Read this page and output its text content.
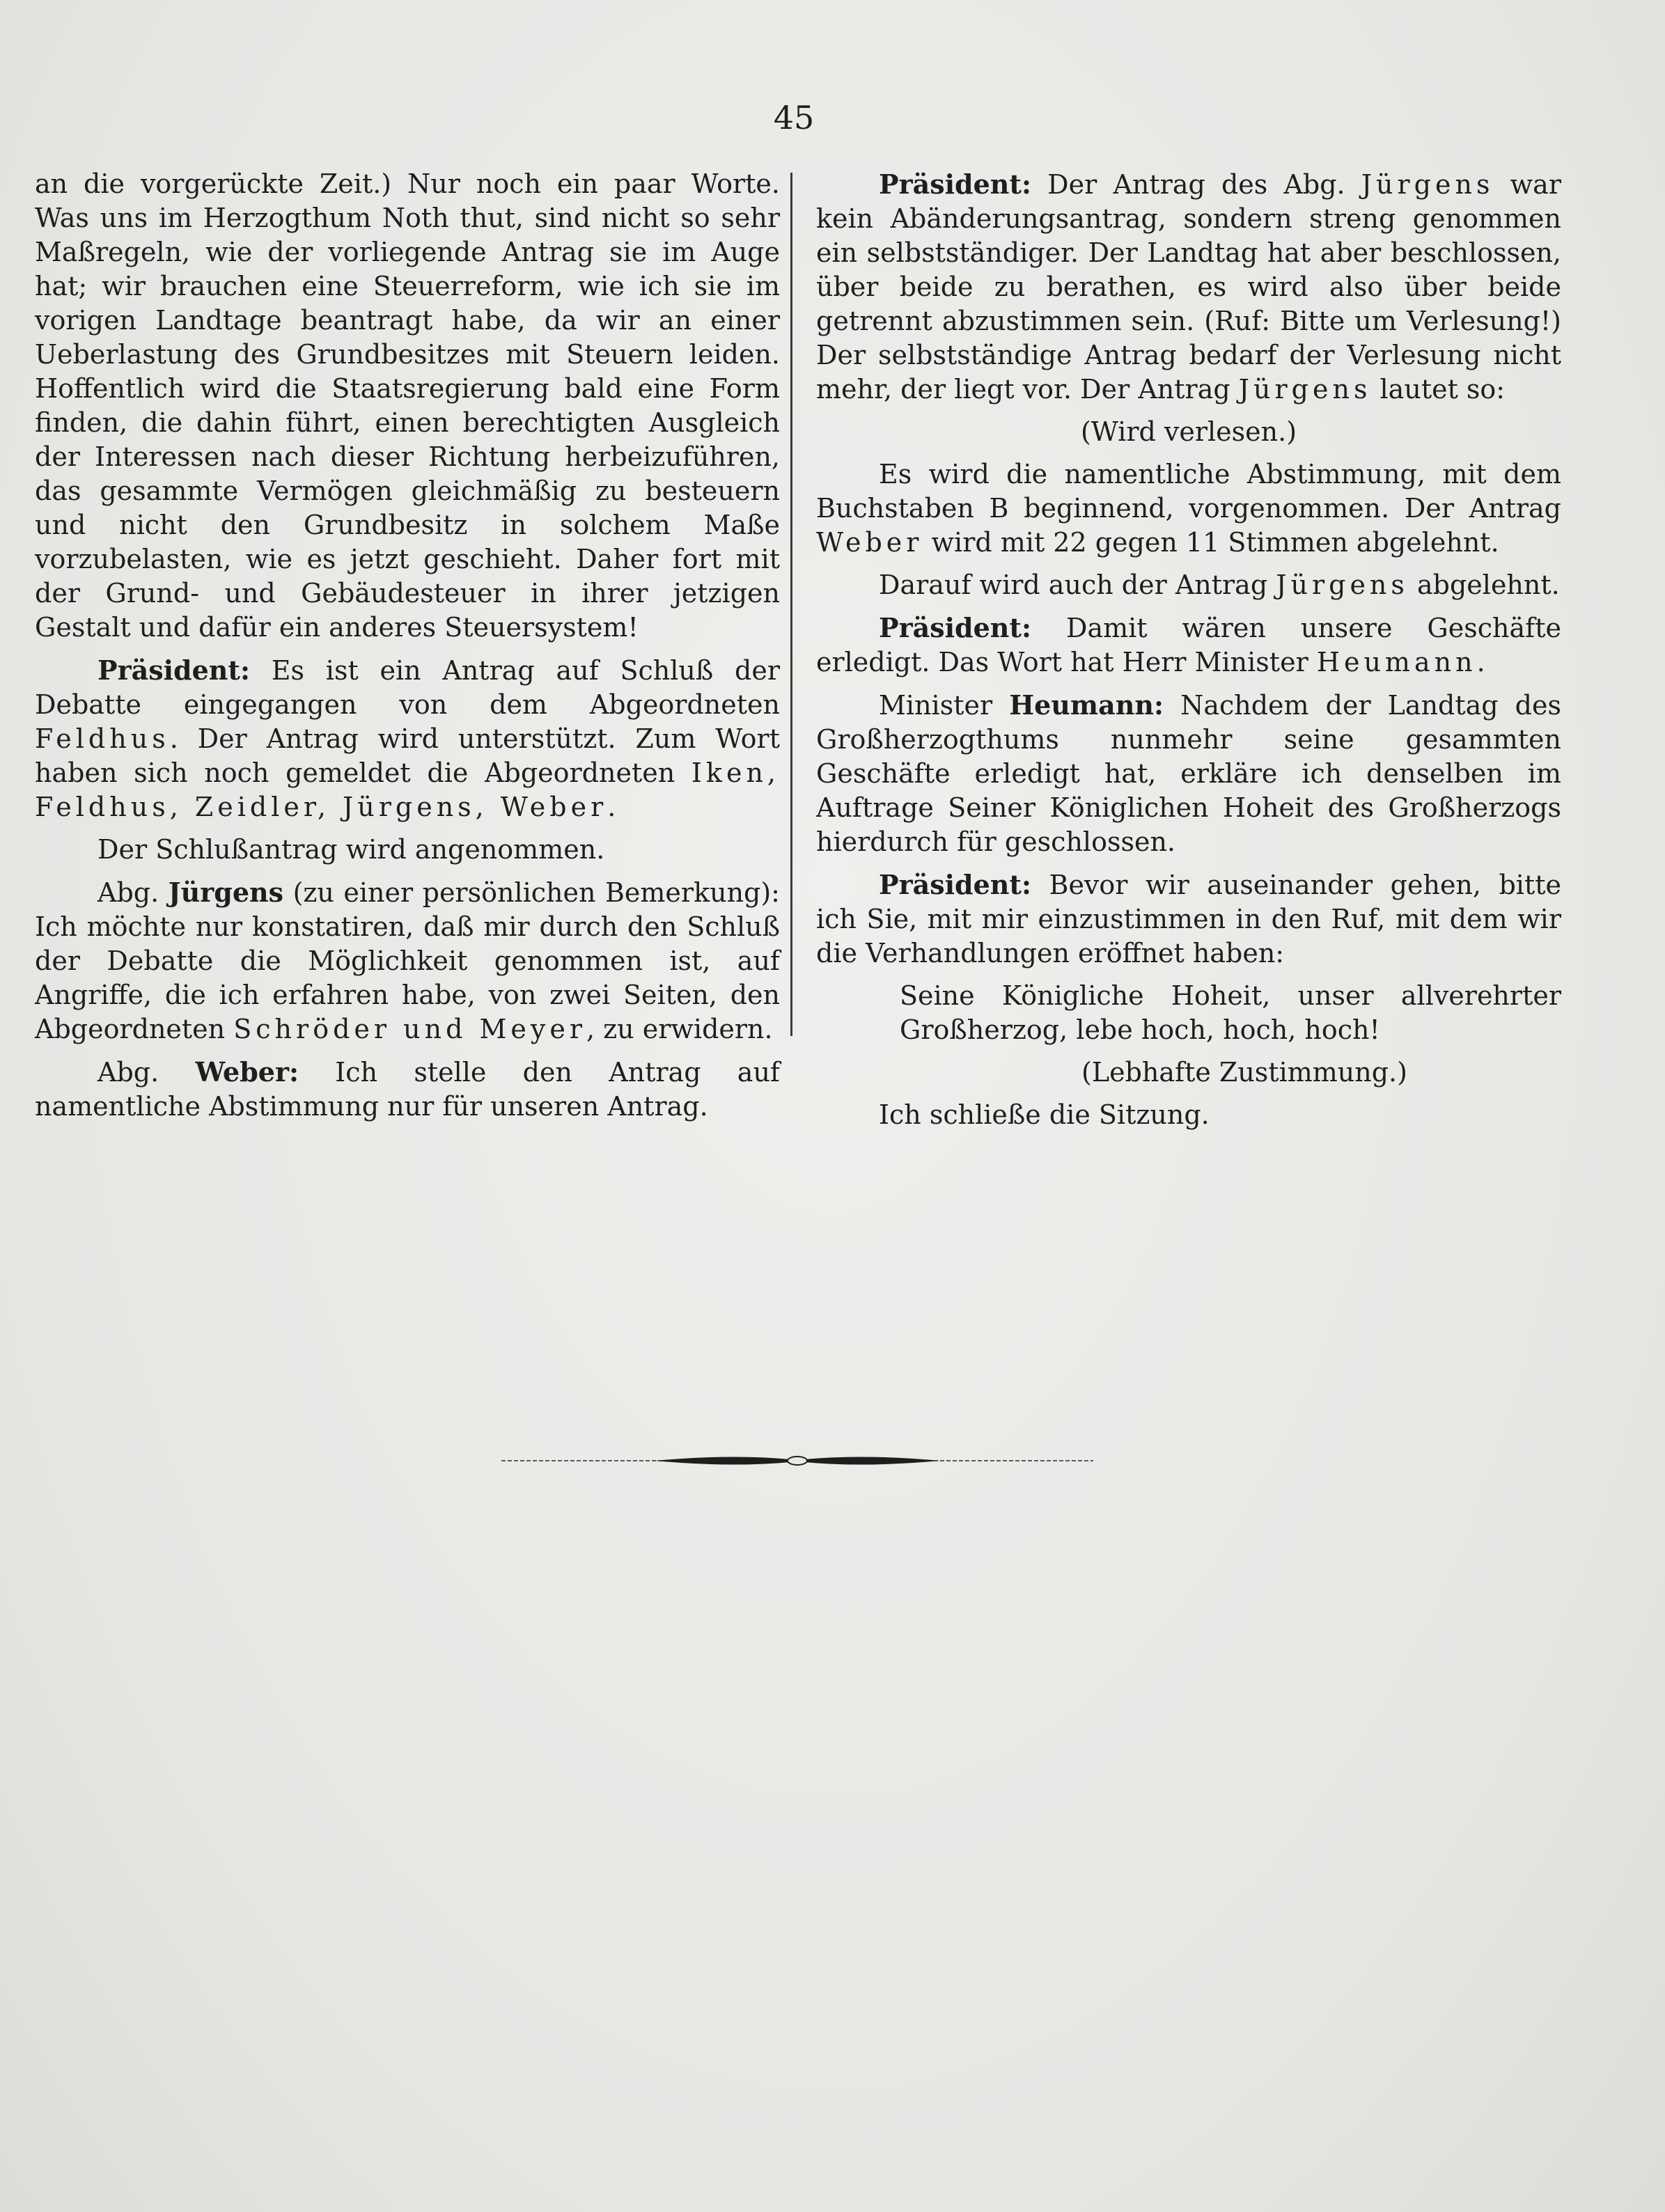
45

an die vorgerückte Zeit.) Nur noch ein paar Worte. Was uns im Herzogthum Noth thut, sind nicht so sehr Maßregeln, wie der vorliegende Antrag sie im Auge hat; wir brauchen eine Steuerreform, wie ich sie im vorigen Landtage beantragt habe, da wir an einer Ueberlastung des Grundbesitzes mit Steuern leiden. Hoffentlich wird die Staatsregierung bald eine Form finden, die dahin führt, einen berechtigten Ausgleich der Interessen nach dieser Richtung herbeizuführen, das gesammte Vermögen gleichmäßig zu besteuern und nicht den Grundbesitz in solchem Maße vorzubelasten, wie es jetzt geschieht. Daher fort mit der Grund- und Gebäudesteuer in ihrer jetzigen Gestalt und dafür ein anderes Steuersystem!

Präsident: Es ist ein Antrag auf Schluß der Debatte eingegangen von dem Abgeordneten Feldhus. Der Antrag wird unterstützt. Zum Wort haben sich noch gemeldet die Abgeordneten Iken, Feldhus, Zeidler, Jürgens, Weber.

Der Schlußantrag wird angenommen.

Abg. Jürgens (zu einer persönlichen Bemerkung): Ich möchte nur konstatiren, daß mir durch den Schluß der Debatte die Möglichkeit genommen ist, auf Angriffe, die ich erfahren habe, von zwei Seiten, den Abgeordneten Schröder und Meyer, zu erwidern.

Abg. Weber: Ich stelle den Antrag auf namentliche Abstimmung nur für unseren Antrag.

Präsident: Der Antrag des Abg. Jürgens war kein Abänderungsantrag, sondern streng genommen ein selbstständiger. Der Landtag hat aber beschlossen, über beide zu berathen, es wird also über beide getrennt abzustimmen sein. (Ruf: Bitte um Verlesung!) Der selbstständige Antrag bedarf der Verlesung nicht mehr, der liegt vor. Der Antrag Jürgens lautet so:

(Wird verlesen.)

Es wird die namentliche Abstimmung, mit dem Buchstaben B beginnend, vorgenommen. Der Antrag Weber wird mit 22 gegen 11 Stimmen abgelehnt.

Darauf wird auch der Antrag Jürgens abgelehnt.

Präsident: Damit wären unsere Geschäfte erledigt. Das Wort hat Herr Minister Heumann.

Minister Heumann: Nachdem der Landtag des Großherzogthums nunmehr seine gesammten Geschäfte erledigt hat, erkläre ich denselben im Auftrage Seiner Königlichen Hoheit des Großherzogs hierdurch für geschlossen.

Präsident: Bevor wir auseinander gehen, bitte ich Sie, mit mir einzustimmen in den Ruf, mit dem wir die Verhandlungen eröffnet haben:

Seine Königliche Hoheit, unser allverehrter Großherzog, lebe hoch, hoch, hoch!

(Lebhafte Zustimmung.)

Ich schließe die Sitzung.
